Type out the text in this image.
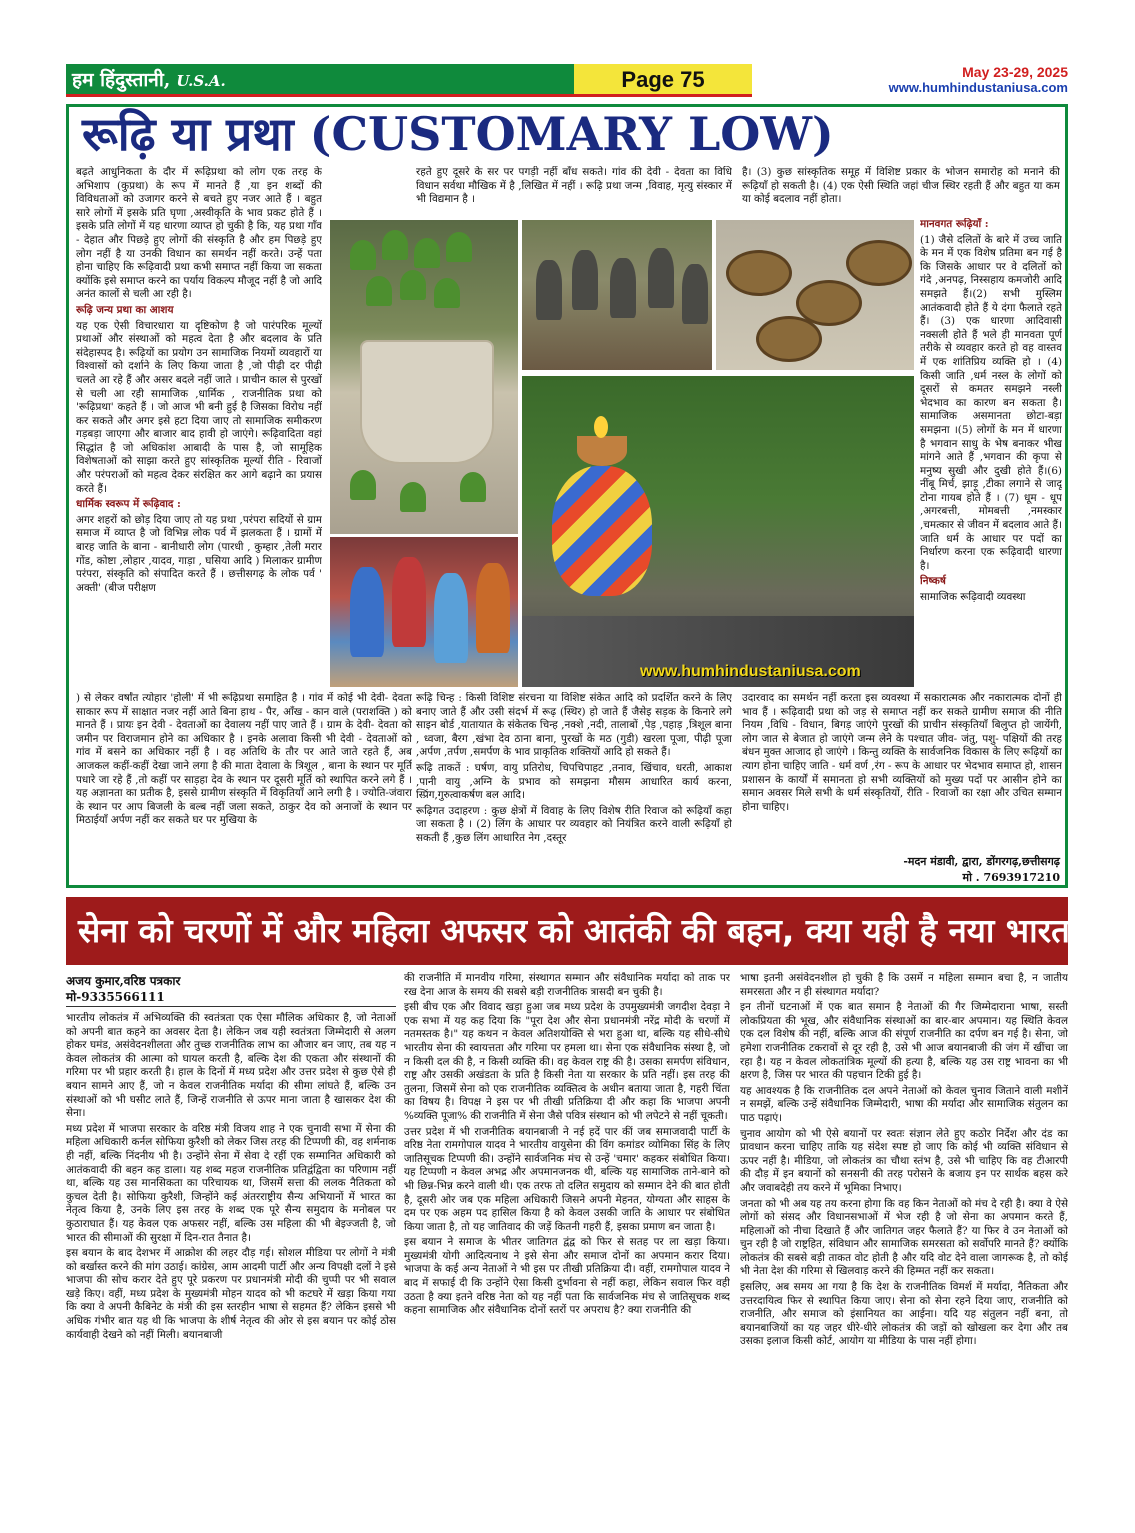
हम हिंदुस्तानी, U.S.A.	Page 75	May 23-29, 2025
www.humhindustaniusa.com
रूढ़ि या प्रथा (CUSTOMARY LOW)

बढ़ते आधुनिकता के दौर में रूढ़िप्रथा को लोग एक तरह के अभिशाप (कुप्रथा) के रूप में मानते हैं ,या इन शब्दों की विविधताओं को उजागर करने से बचते हुए नजर आते हैं । बहुत सारे लोगों में इसके प्रति घृणा ,अस्वीकृति के भाव प्रकट होते हैं । इसके प्रति लोगों में यह धारणा व्याप्त हो चुकी है कि, यह प्रथा गाँव - देहात और पिछड़े हुए लोगों की संस्कृति है और हम पिछड़े हुए लोग नहीं है या उनकी विधान का समर्थन नहीं करते। उन्हें पता होना चाहिए कि रूढ़िवादी प्रथा कभी समाप्त नहीं किया जा सकता क्योंकि इसे समाप्त करने का पर्याय विकल्प मौजूद नहीं है जो आदि अनंत कालों से चली आ रही है।

रूढ़ि जन्य प्रथा का आशय

यह एक ऐसी विचारधारा या दृष्टिकोण है जो पारंपरिक मूल्यों प्रथाओं और संस्थाओं को महत्व देता है और बदलाव के प्रति संदेहास्पद है। रूढ़ियों का प्रयोग उन सामाजिक नियमों व्यवहारों या विश्वासों को दर्शाने के लिए किया जाता है ,जो पीढ़ी दर पीढ़ी चलते आ रहे हैं और असर बदले नहीं जाते । प्राचीन काल से पुरखों से चली आ रही सामाजिक ,धार्मिक , राजनीतिक प्रथा को 'रूढ़िप्रथा' कहते हैं । जो आज भी बनी हुई है जिसका विरोध नहीं कर सकते और अगर इसे हटा दिया जाए तो सामाजिक समीकरण गड़बड़ा जाएगा और बाजार बाद हावी हो जाएंगे। रूढ़िवादिता वहां सिद्धांत है जो अधिकांश आबादी के पास है, जो सामूहिक विशेषताओं को साझा करते हुए सांस्कृतिक मूल्यों रीति - रिवाजों और परंपराओं को महत्व देकर संरक्षित कर आगे बढ़ाने का प्रयास करते हैं।

धार्मिक स्वरूप में रूढ़िवाद :

अगर शहरों को छोड़ दिया जाए तो यह प्रथा ,परंपरा सदियों से ग्राम समाज में व्याप्त है जो विभिन्न लोक पर्व में झलकता हैं । ग्रामों में बारह जाति के बाना - बानीधारी लोग (पारधी , कुम्हार ,तेली मरार गोंड, कोष्टा ,लोहार ,यादव, गाड़ा , घसिया आदि ) मिलाकर ग्रामीण परंपरा, संस्कृति को संपादित करते हैं । छत्तीसगढ़ के लोक पर्व ' अक्ती' (बीज परीक्षण

) से लेकर वर्षांत त्योहार 'होली' में भी रूढ़िप्रथा समाहित है । गांव में कोई भी देवी- देवता साकार रूप में साक्षात नजर नहीं आते बिना हाथ - पैर, आँख - कान वाले (पराशक्ति ) को मानते हैं । प्रायः इन देवी - देवताओं का देवालय नहीं पाए जाते हैं । ग्राम के देवी- देवता को जमीन पर विराजमान होने का अधिकार है । इनके अलावा किसी भी देवी - देवताओं को गांव में बसने का अधिकार नहीं है । वह अतिथि के तौर पर आते जाते रहते हैं, अब आजकल कहीं-कहीं देखा जाने लगा है की माता देवाला के त्रिशूल , बाना के स्थान पर मूर्ति पधारे जा रहे हैं ,तो कहीं पर साड़हा देव के स्थान पर दूसरी मूर्ति को स्थापित करने लगे हैं । यह अज्ञानता का प्रतीक है, इससे ग्रामीण संस्कृति में विकृतियाँ आने लगी है । ज्योति-जंवारा के स्थान पर आप बिजली के बल्ब नहीं जला सकते, ठाकुर देव को अनाजों के स्थान पर मिठाईयाँ अर्पण नहीं कर सकते घर पर मुखिया के

रहते हुए दूसरे के सर पर पगड़ी नहीं बाँध सकते। गांव की देवी - देवता का विधि विधान सर्वथा मौखिक में है ,लिखित में नहीं । रूढ़ि प्रथा जन्म ,विवाह, मृत्यु संस्कार में भी विद्यमान है ।

है। (3) कुछ सांस्कृतिक समूह में विशिष्ट प्रकार के भोजन समारोह को मनाने की रूढ़ियाँ हो सकती है। (4) एक ऐसी स्थिति जहां चीज स्थिर रहती हैं और बहुत या कम या कोई बदलाव नहीं होता।

मानवगत रूढ़ियाँ :

(1) जैसे दलितों के बारे में उच्च जाति के मन में एक विशेष प्रतिमा बन गई है कि जिसके आधार पर वे दलितों को गंदे ,अनपढ़, निस्सहाय कमजोरी आदि समझते हैं।(2) सभी मुस्लिम आतंकवादी होते हैं ये दंगा फैलाते रहते हैं। (3) एक धारणा आदिवासी नक्सली होते हैं भले ही मानवता पूर्ण तरीके से व्यवहार करते हो वह वास्तव में एक शांतिप्रिय व्यक्ति हो । (4) किसी जाति ,धर्म नस्ल के लोगों को दूसरों से कमतर समझने नस्ली भेदभाव का कारण बन सकता है। सामाजिक असमानता छोटा-बड़ा समझना ।(5) लोगों के मन में धारणा है भगवान साधु के भेष बनाकर भीख मांगने आते हैं ,भगवान की कृपा से मनुष्य सुखी और दुखी होते हैं।(6) नींबू मिर्च, झाड़ू ,टीका लगाने से जादू टोना गायब होते हैं । (7) धूम - धूप ,अगरबत्ती, मोमबत्ती ,नमस्कार ,चमत्कार से जीवन में बदलाव आते हैं। जाति धर्म के आधार पर पदों का निर्धारण करना एक रूढ़िवादी धारणा है।

निष्कर्ष

सामाजिक रूढ़िवादी व्यवस्था

www.humhindustaniusa.com

रूढ़ि चिन्ह : किसी विशिष्ट संरचना या विशिष्ट संकेत आदि को प्रदर्शित करने के लिए बनाए जाते हैं और उसी संदर्भ में रूढ़ (स्थिर) हो जाते हैं जैसेइ सड़क के किनारे लगे साइन बोर्ड ,यातायात के संकेतक चिन्ह ,नक्शे ,नदी, तालाबों ,पेड़ ,पहाड़ ,त्रिशूल बाना , ध्वजा, बैरग ,खंभा देव ठाना बाना, पुरखों के मठ (गुडी) खरला पूजा, पीढ़ी पूजा ,अर्पण ,तर्पण ,समर्पण के भाव प्राकृतिक शक्तियों आदि हो सकते हैं।

रूढ़ि ताकतें : घर्षण, वायु प्रतिरोध, चिपचिपाहट ,तनाव, खिंचाव, धरती, आकाश ,पानी वायु ,अग्नि के प्रभाव को समझना मौसम आधारित कार्य करना, स्प्रिंग,गुरुत्वाकर्षण बल आदि।

रूढ़िगत उदाहरण : कुछ क्षेत्रों में विवाह के लिए विशेष रीति रिवाज को रूढ़ियाँ कहा जा सकता है । (2) लिंग के आधार पर व्यवहार को नियंत्रित करने वाली रूढ़ियाँ हो सकती हैं ,कुछ लिंग आधारित नेग ,दस्तूर

उदारवाद का समर्थन नहीं करता इस व्यवस्था में सकारात्मक और नकारात्मक दोनों ही भाव हैं । रूढ़िवादी प्रथा को जड़ से समाप्त नहीं कर सकते ग्रामीण समाज की नीति नियम ,विधि - विधान, बिगड़ जाएंगे पुरखों की प्राचीन संस्कृतियाँ बिलुप्त हो जायेंगी, लोग जात से बेजात हो जाएंगे जन्म लेने के पश्चात जीव- जंतु, पशु- पक्षियों की तरह बंधन मुक्त आजाद हो जाएंगे । किन्तु व्यक्ति के सार्वजनिक विकास के लिए रूढ़ियों का त्याग होना चाहिए जाति - धर्म वर्ण ,रंग - रूप के आधार पर भेदभाव समाप्त हो, शासन प्रशासन के कार्यों में समानता हो सभी व्यक्तियों को मुख्य पदों पर आसीन होने का समान अवसर मिले सभी के धर्म संस्कृतियों, रीति - रिवाजों का रक्षा और उचित सम्मान होना चाहिए।

-मदन मंडावी, द्वारा, डोंगरगढ़,छत्तीसगढ़
मो . 7693917210
सेना को चरणों में और महिला अफसर को आतंकी की बहन, क्या यही है नया भारत?
अजय कुमार,वरिष्ठ पत्रकार
मो-9335566111

भारतीय लोकतंत्र में अभिव्यक्ति की स्वतंत्रता एक ऐसा मौलिक अधिकार है, जो नेताओं को अपनी बात कहने का अवसर देता है। लेकिन जब यही स्वतंत्रता जिम्मेदारी से अलग होकर घमंड, असंवेदनशीलता और तुच्छ राजनीतिक लाभ का औजार बन जाए, तब यह न केवल लोकतंत्र की आत्मा को घायल करती है, बल्कि देश की एकता और संस्थानों की गरिमा पर भी प्रहार करती है। हाल के दिनों में मध्य प्रदेश और उत्तर प्रदेश से कुछ ऐसे ही बयान सामने आए हैं, जो न केवल राजनीतिक मर्यादा की सीमा लांघते हैं, बल्कि उन संस्थाओं को भी घसीट लाते हैं, जिन्हें राजनीति से ऊपर माना जाता है खासकर देश की सेना।

मध्य प्रदेश में भाजपा सरकार के वरिष्ठ मंत्री विजय शाह ने एक चुनावी सभा में सेना की महिला अधिकारी कर्नल सोफिया कुरैशी को लेकर जिस तरह की टिप्पणी की, वह शर्मनाक ही नहीं, बल्कि निंदनीय भी है। उन्होंने सेना में सेवा दे रहीं एक सम्मानित अधिकारी को आतंकवादी की बहन कह डाला। यह शब्द महज राजनीतिक प्रतिद्वंद्विता का परिणाम नहीं था, बल्कि यह उस मानसिकता का परिचायक था, जिसमें सत्ता की ललक नैतिकता को कुचल देती है। सोफिया कुरैशी, जिन्होंने कई अंतरराष्ट्रीय सैन्य अभियानों में भारत का नेतृत्व किया है, उनके लिए इस तरह के शब्द एक पूरे सैन्य समुदाय के मनोबल पर कुठाराघात हैं। यह केवल एक अफसर नहीं, बल्कि उस महिला की भी बेइज्जती है, जो भारत की सीमाओं की सुरक्षा में दिन-रात तैनात है।

इस बयान के बाद देशभर में आक्रोश की लहर दौड़ गई। सोशल मीडिया पर लोगों ने मंत्री को बर्खास्त करने की मांग उठाई। कांग्रेस, आम आदमी पार्टी और अन्य विपक्षी दलों ने इसे भाजपा की सोच करार देते हुए पूरे प्रकरण पर प्रधानमंत्री मोदी की चुप्पी पर भी सवाल खड़े किए। वहीं, मध्य प्रदेश के मुख्यमंत्री मोहन यादव को भी कटघरे में खड़ा किया गया कि क्या वे अपनी कैबिनेट के मंत्री की इस स्तरहीन भाषा से सहमत हैं? लेकिन इससे भी अधिक गंभीर बात यह थी कि भाजपा के शीर्ष नेतृत्व की ओर से इस बयान पर कोई ठोस कार्यवाही देखने को नहीं मिली। बयानबाजी

की राजनीति में मानवीय गरिमा, संस्थागत सम्मान और संवैधानिक मर्यादा को ताक पर रख देना आज के समय की सबसे बड़ी राजनीतिक त्रासदी बन चुकी है।

इसी बीच एक और विवाद खड़ा हुआ जब मध्य प्रदेश के उपमुख्यमंत्री जगदीश देवड़ा ने एक सभा में यह कह दिया कि "पूरा देश और सेना प्रधानमंत्री नरेंद्र मोदी के चरणों में नतमस्तक है।" यह कथन न केवल अतिशयोक्ति से भरा हुआ था, बल्कि यह सीधे-सीधे भारतीय सेना की स्वायत्तता और गरिमा पर हमला था। सेना एक संवैधानिक संस्था है, जो न किसी दल की है, न किसी व्यक्ति की। वह केवल राष्ट्र की है। उसका समर्पण संविधान, राष्ट्र और उसकी अखंडता के प्रति है किसी नेता या सरकार के प्रति नहीं। इस तरह की तुलना, जिसमें सेना को एक राजनीतिक व्यक्तित्व के अधीन बताया जाता है, गहरी चिंता का विषय है। विपक्ष ने इस पर भी तीखी प्रतिक्रिया दी और कहा कि भाजपा अपनी %व्यक्ति पूजा% की राजनीति में सेना जैसे पवित्र संस्थान को भी लपेटने से नहीं चूकती।

उत्तर प्रदेश में भी राजनीतिक बयानबाजी ने नई हदें पार कीं जब समाजवादी पार्टी के वरिष्ठ नेता रामगोपाल यादव ने भारतीय वायुसेना की विंग कमांडर व्योमिका सिंह के लिए जातिसूचक टिप्पणी की। उन्होंने सार्वजनिक मंच से उन्हें 'चमार' कहकर संबोधित किया। यह टिप्पणी न केवल अभद्र और अपमानजनक थी, बल्कि यह सामाजिक ताने-बाने को भी छिन्न-भिन्न करने वाली थी। एक तरफ तो दलित समुदाय को सम्मान देने की बात होती है, दूसरी ओर जब एक महिला अधिकारी जिसने अपनी मेहनत, योग्यता और साहस के दम पर एक अहम पद हासिल किया है को केवल उसकी जाति के आधार पर संबोधित किया जाता है, तो यह जातिवाद की जड़ें कितनी गहरी हैं, इसका प्रमाण बन जाता है।

इस बयान ने समाज के भीतर जातिगत द्वंद्व को फिर से सतह पर ला खड़ा किया। मुख्यमंत्री योगी आदित्यनाथ ने इसे सेना और समाज दोनों का अपमान करार दिया। भाजपा के कई अन्य नेताओं ने भी इस पर तीखी प्रतिक्रिया दी। वहीं, रामगोपाल यादव ने बाद में सफाई दी कि उन्होंने ऐसा किसी दुर्भावना से नहीं कहा, लेकिन सवाल फिर वही उठता है क्या इतने वरिष्ठ नेता को यह नहीं पता कि सार्वजनिक मंच से जातिसूचक शब्द कहना सामाजिक और संवैधानिक दोनों स्तरों पर अपराध है? क्या राजनीति की

भाषा इतनी असंवेदनशील हो चुकी है कि उसमें न महिला सम्मान बचा है, न जातीय समरसता और न ही संस्थागत मर्यादा?

इन तीनों घटनाओं में एक बात समान है नेताओं की गैर जिम्मेदाराना भाषा, सस्ती लोकप्रियता की भूख, और संवैधानिक संस्थाओं का बार-बार अपमान। यह स्थिति केवल एक दल विशेष की नहीं, बल्कि आज की संपूर्ण राजनीति का दर्पण बन गई है। सेना, जो हमेशा राजनीतिक टकरावों से दूर रही है, उसे भी आज बयानबाजी की जंग में खींचा जा रहा है। यह न केवल लोकतांत्रिक मूल्यों की हत्या है, बल्कि यह उस राष्ट्र भावना का भी क्षरण है, जिस पर भारत की पहचान टिकी हुई है।

यह आवश्यक है कि राजनीतिक दल अपने नेताओं को केवल चुनाव जिताने वाली मशीनें न समझें, बल्कि उन्हें संवैधानिक जिम्मेदारी, भाषा की मर्यादा और सामाजिक संतुलन का पाठ पढ़ाएं।

चुनाव आयोग को भी ऐसे बयानों पर स्वतः संज्ञान लेते हुए कठोर निर्देश और दंड का प्रावधान करना चाहिए ताकि यह संदेश स्पष्ट हो जाए कि कोई भी व्यक्ति संविधान से ऊपर नहीं है। मीडिया, जो लोकतंत्र का चौथा स्तंभ है, उसे भी चाहिए कि वह टीआरपी की दौड़ में इन बयानों को सनसनी की तरह परोसने के बजाय इन पर सार्थक बहस करे और जवाबदेही तय करने में भूमिका निभाए।

जनता को भी अब यह तय करना होगा कि वह किन नेताओं को मंच दे रही है। क्या वे ऐसे लोगों को संसद और विधानसभाओं में भेज रही है जो सेना का अपमान करते हैं, महिलाओं को नीचा दिखाते हैं और जातिगत जहर फैलाते हैं? या फिर वे उन नेताओं को चुन रही है जो राष्ट्रहित, संविधान और सामाजिक समरसता को सर्वोपरि मानते हैं? क्योंकि लोकतंत्र की सबसे बड़ी ताकत वोट होती है और यदि वोट देने वाला जागरूक है, तो कोई भी नेता देश की गरिमा से खिलवाड़ करने की हिम्मत नहीं कर सकता।

इसलिए, अब समय आ गया है कि देश के राजनीतिक विमर्श में मर्यादा, नैतिकता और उत्तरदायित्व फिर से स्थापित किया जाए। सेना को सेना रहने दिया जाए, राजनीति को राजनीति, और समाज को इंसानियत का आईना। यदि यह संतुलन नहीं बना, तो बयानबाजियों का यह जहर धीरे-धीरे लोकतंत्र की जड़ों को खोखला कर देगा और तब उसका इलाज किसी कोर्ट, आयोग या मीडिया के पास नहीं होगा।
